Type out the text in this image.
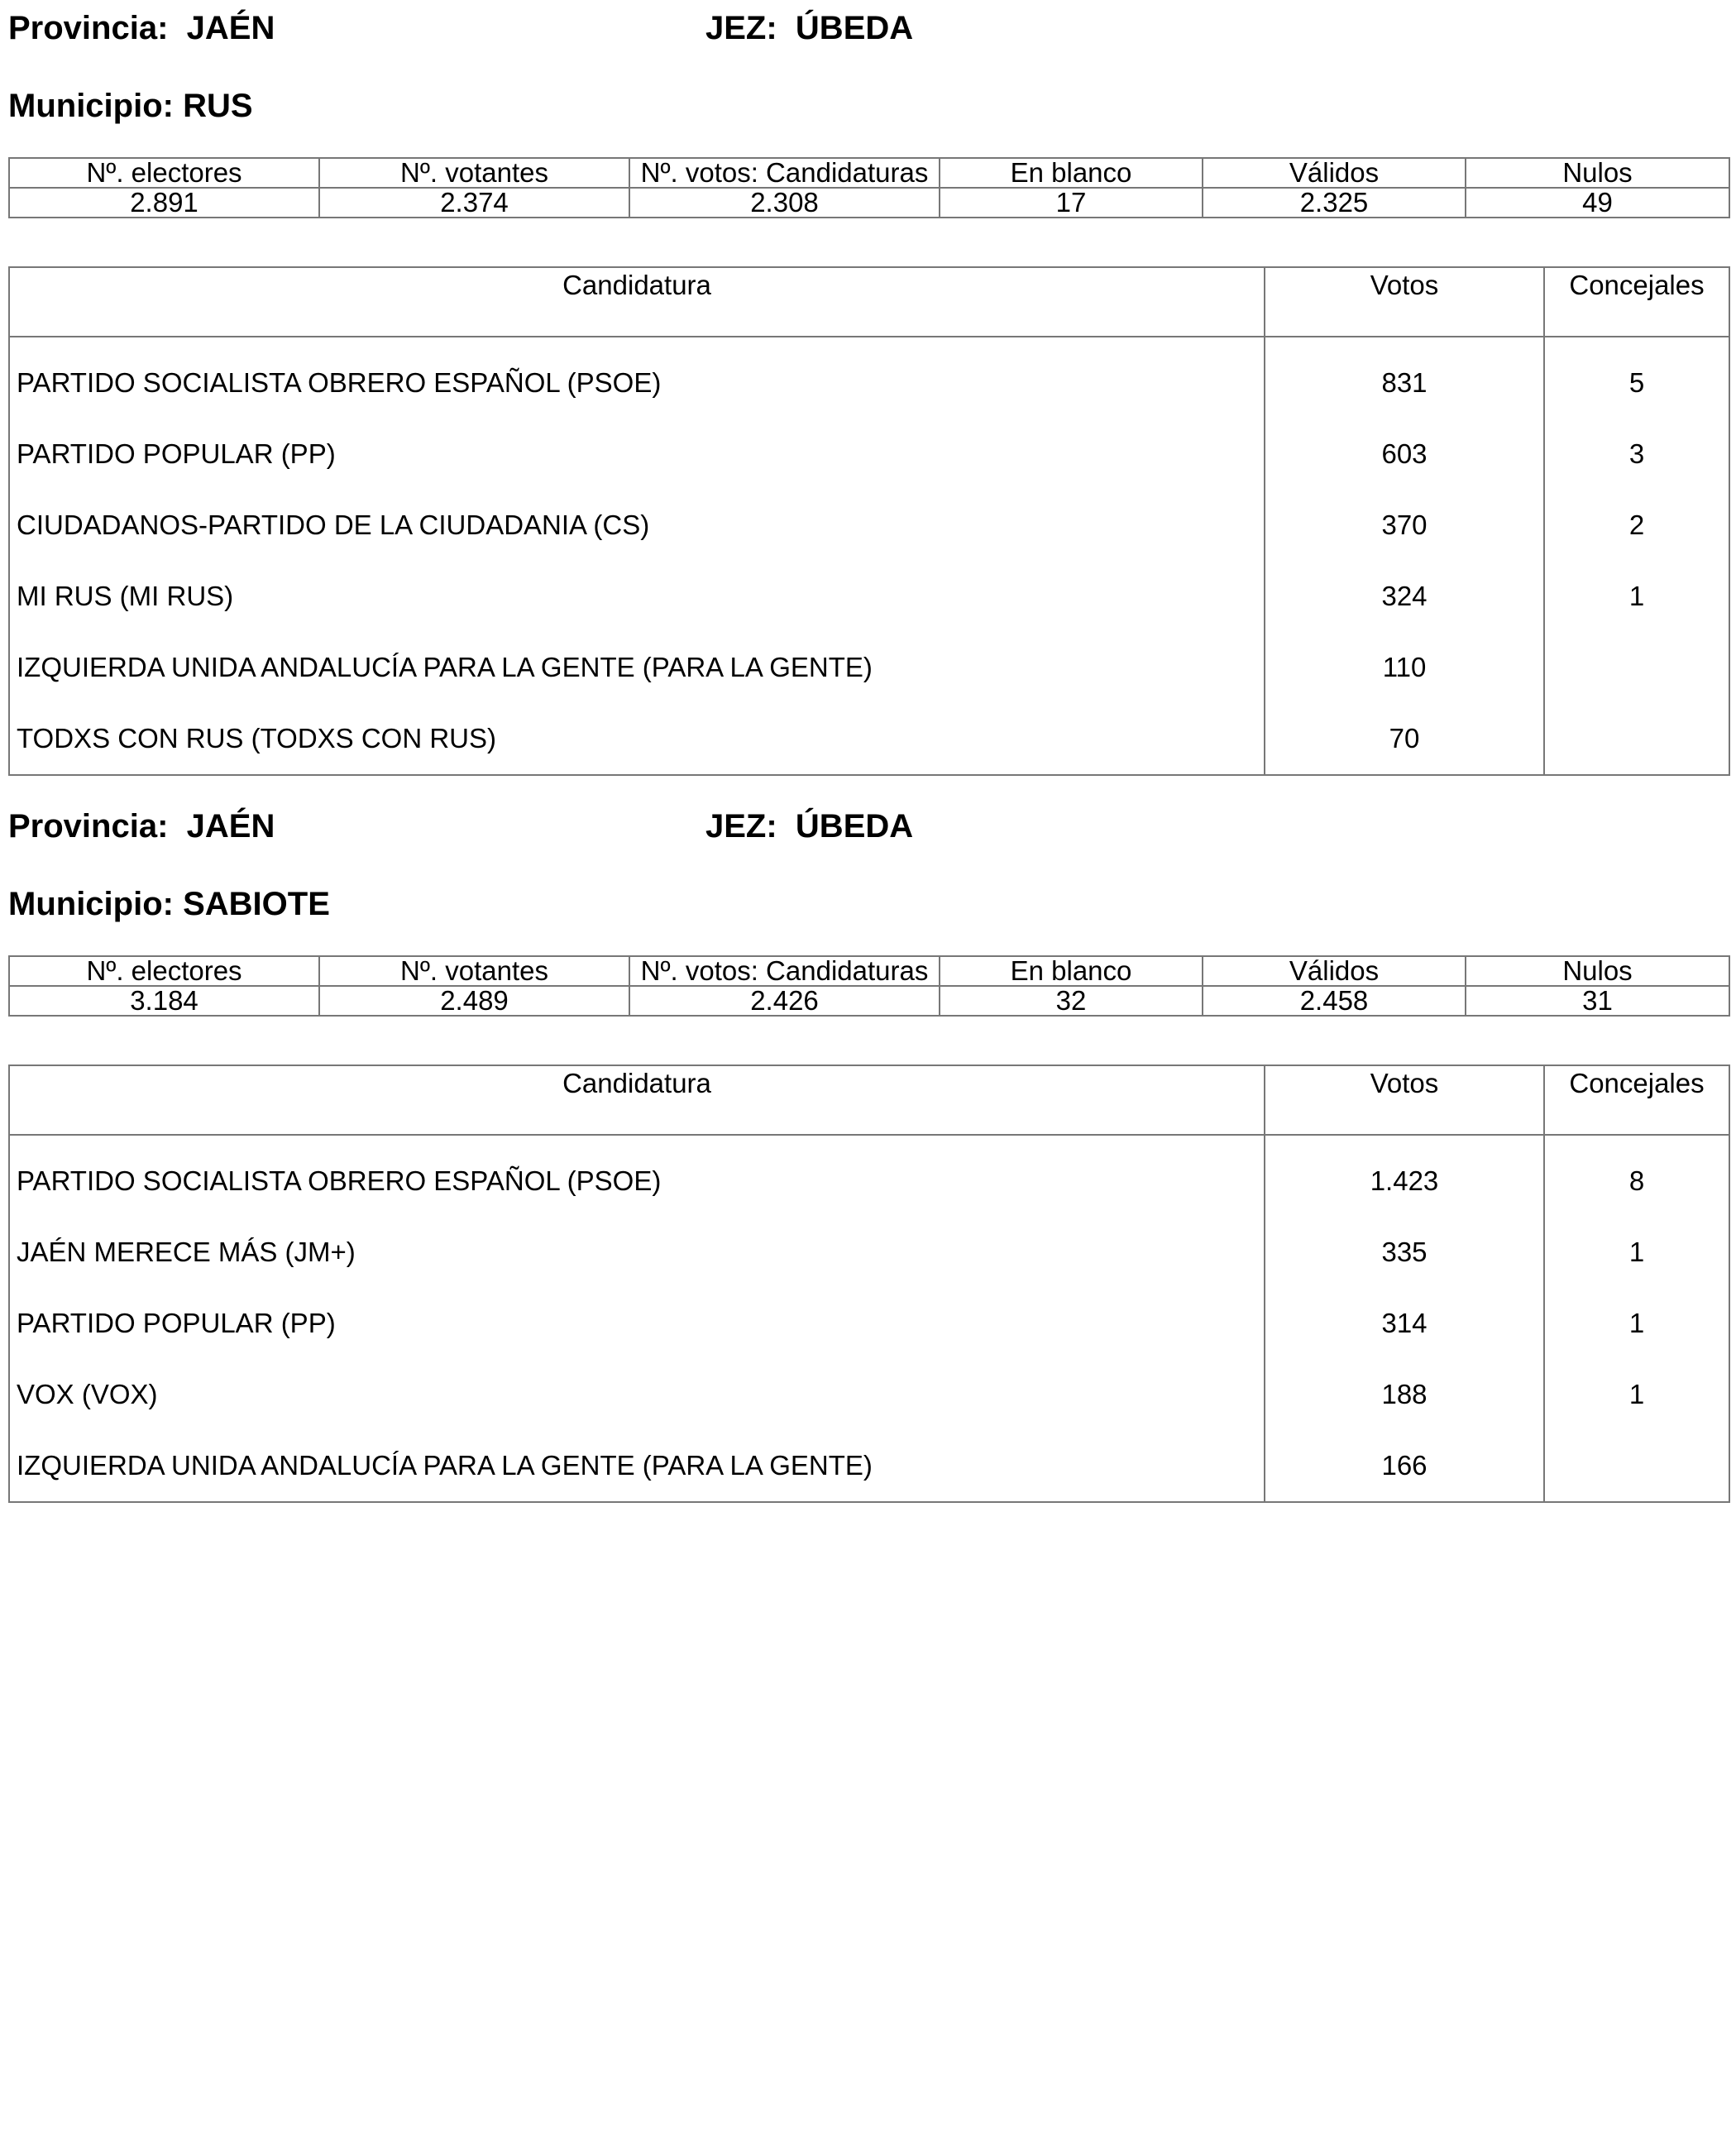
Provincia: JAÉN	JEZ: ÚBEDA
Municipio: RUS
Nº. electores	Nº. votantes	Nº. votos: Candidaturas	En blanco	Válidos	Nulos
2.891	2.374	2.308	17	2.325	49
Candidatura	Votos	Concejales
PARTIDO SOCIALISTA OBRERO ESPAÑOL (PSOE)	831	5
PARTIDO POPULAR (PP)	603	3
CIUDADANOS-PARTIDO DE LA CIUDADANIA (CS)	370	2
MI RUS (MI RUS)	324	1
IZQUIERDA UNIDA ANDALUCÍA PARA LA GENTE (PARA LA GENTE)	110	
TODXS CON RUS (TODXS CON RUS)	70	
Provincia: JAÉN	JEZ: ÚBEDA
Municipio: SABIOTE
Nº. electores	Nº. votantes	Nº. votos: Candidaturas	En blanco	Válidos	Nulos
3.184	2.489	2.426	32	2.458	31
Candidatura	Votos	Concejales
PARTIDO SOCIALISTA OBRERO ESPAÑOL (PSOE)	1.423	8
JAÉN MERECE MÁS (JM+)	335	1
PARTIDO POPULAR (PP)	314	1
VOX (VOX)	188	1
IZQUIERDA UNIDA ANDALUCÍA PARA LA GENTE (PARA LA GENTE)	166	
